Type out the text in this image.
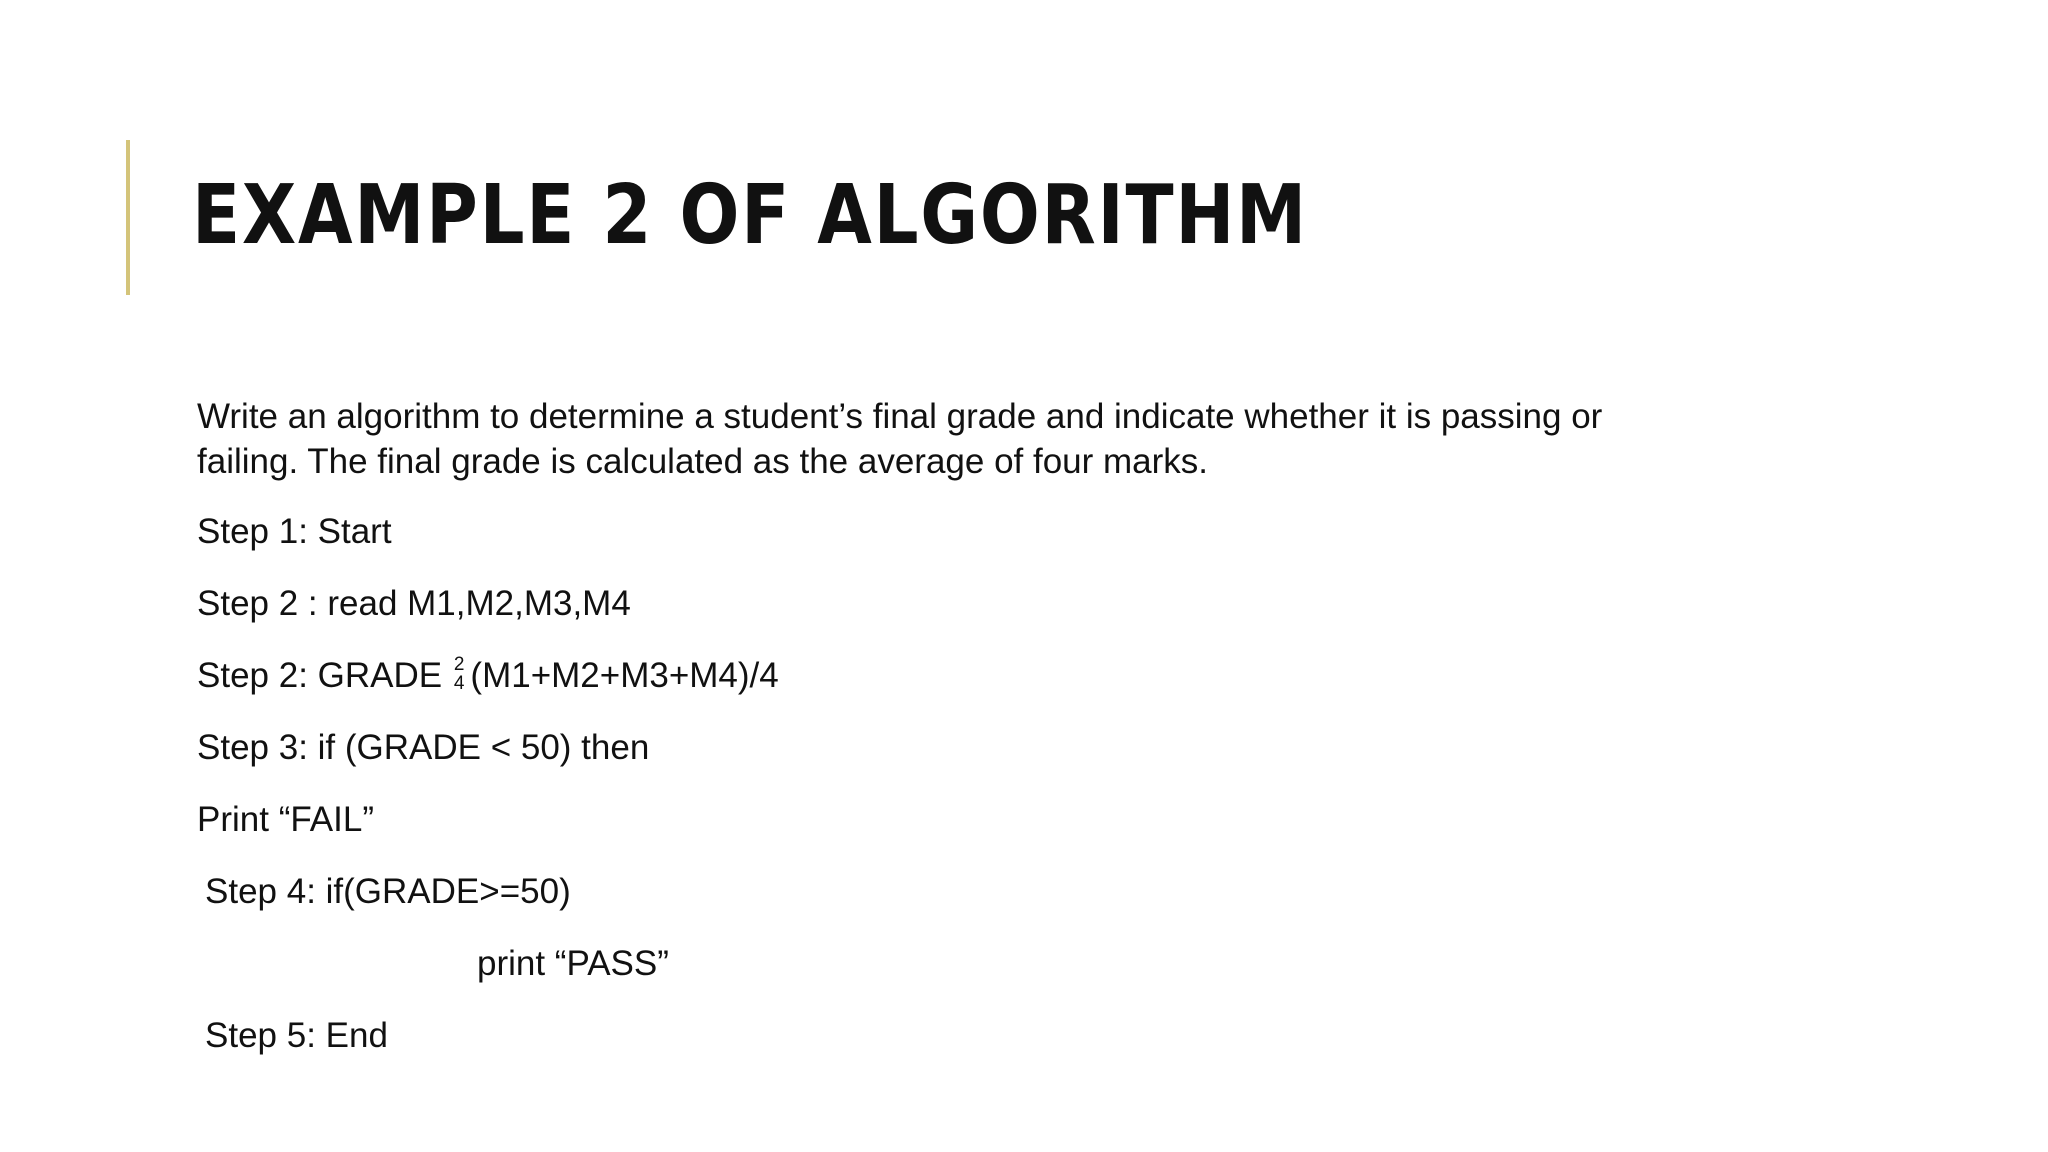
EXAMPLE 2 OF ALGORITHM

Write an algorithm to determine a student’s final grade and indicate whether it is passing or

failing. The final grade is calculated as the average of four marks.

Step 1: Start

Step 2 : read M1,M2,M3,M4

Step 2: GRADE 2
4 (M1+M2+M3+M4)/4

Step 3: if (GRADE < 50) then

Print “FAIL”

Step 4: if(GRADE>=50)

print “PASS”

Step 5: End
